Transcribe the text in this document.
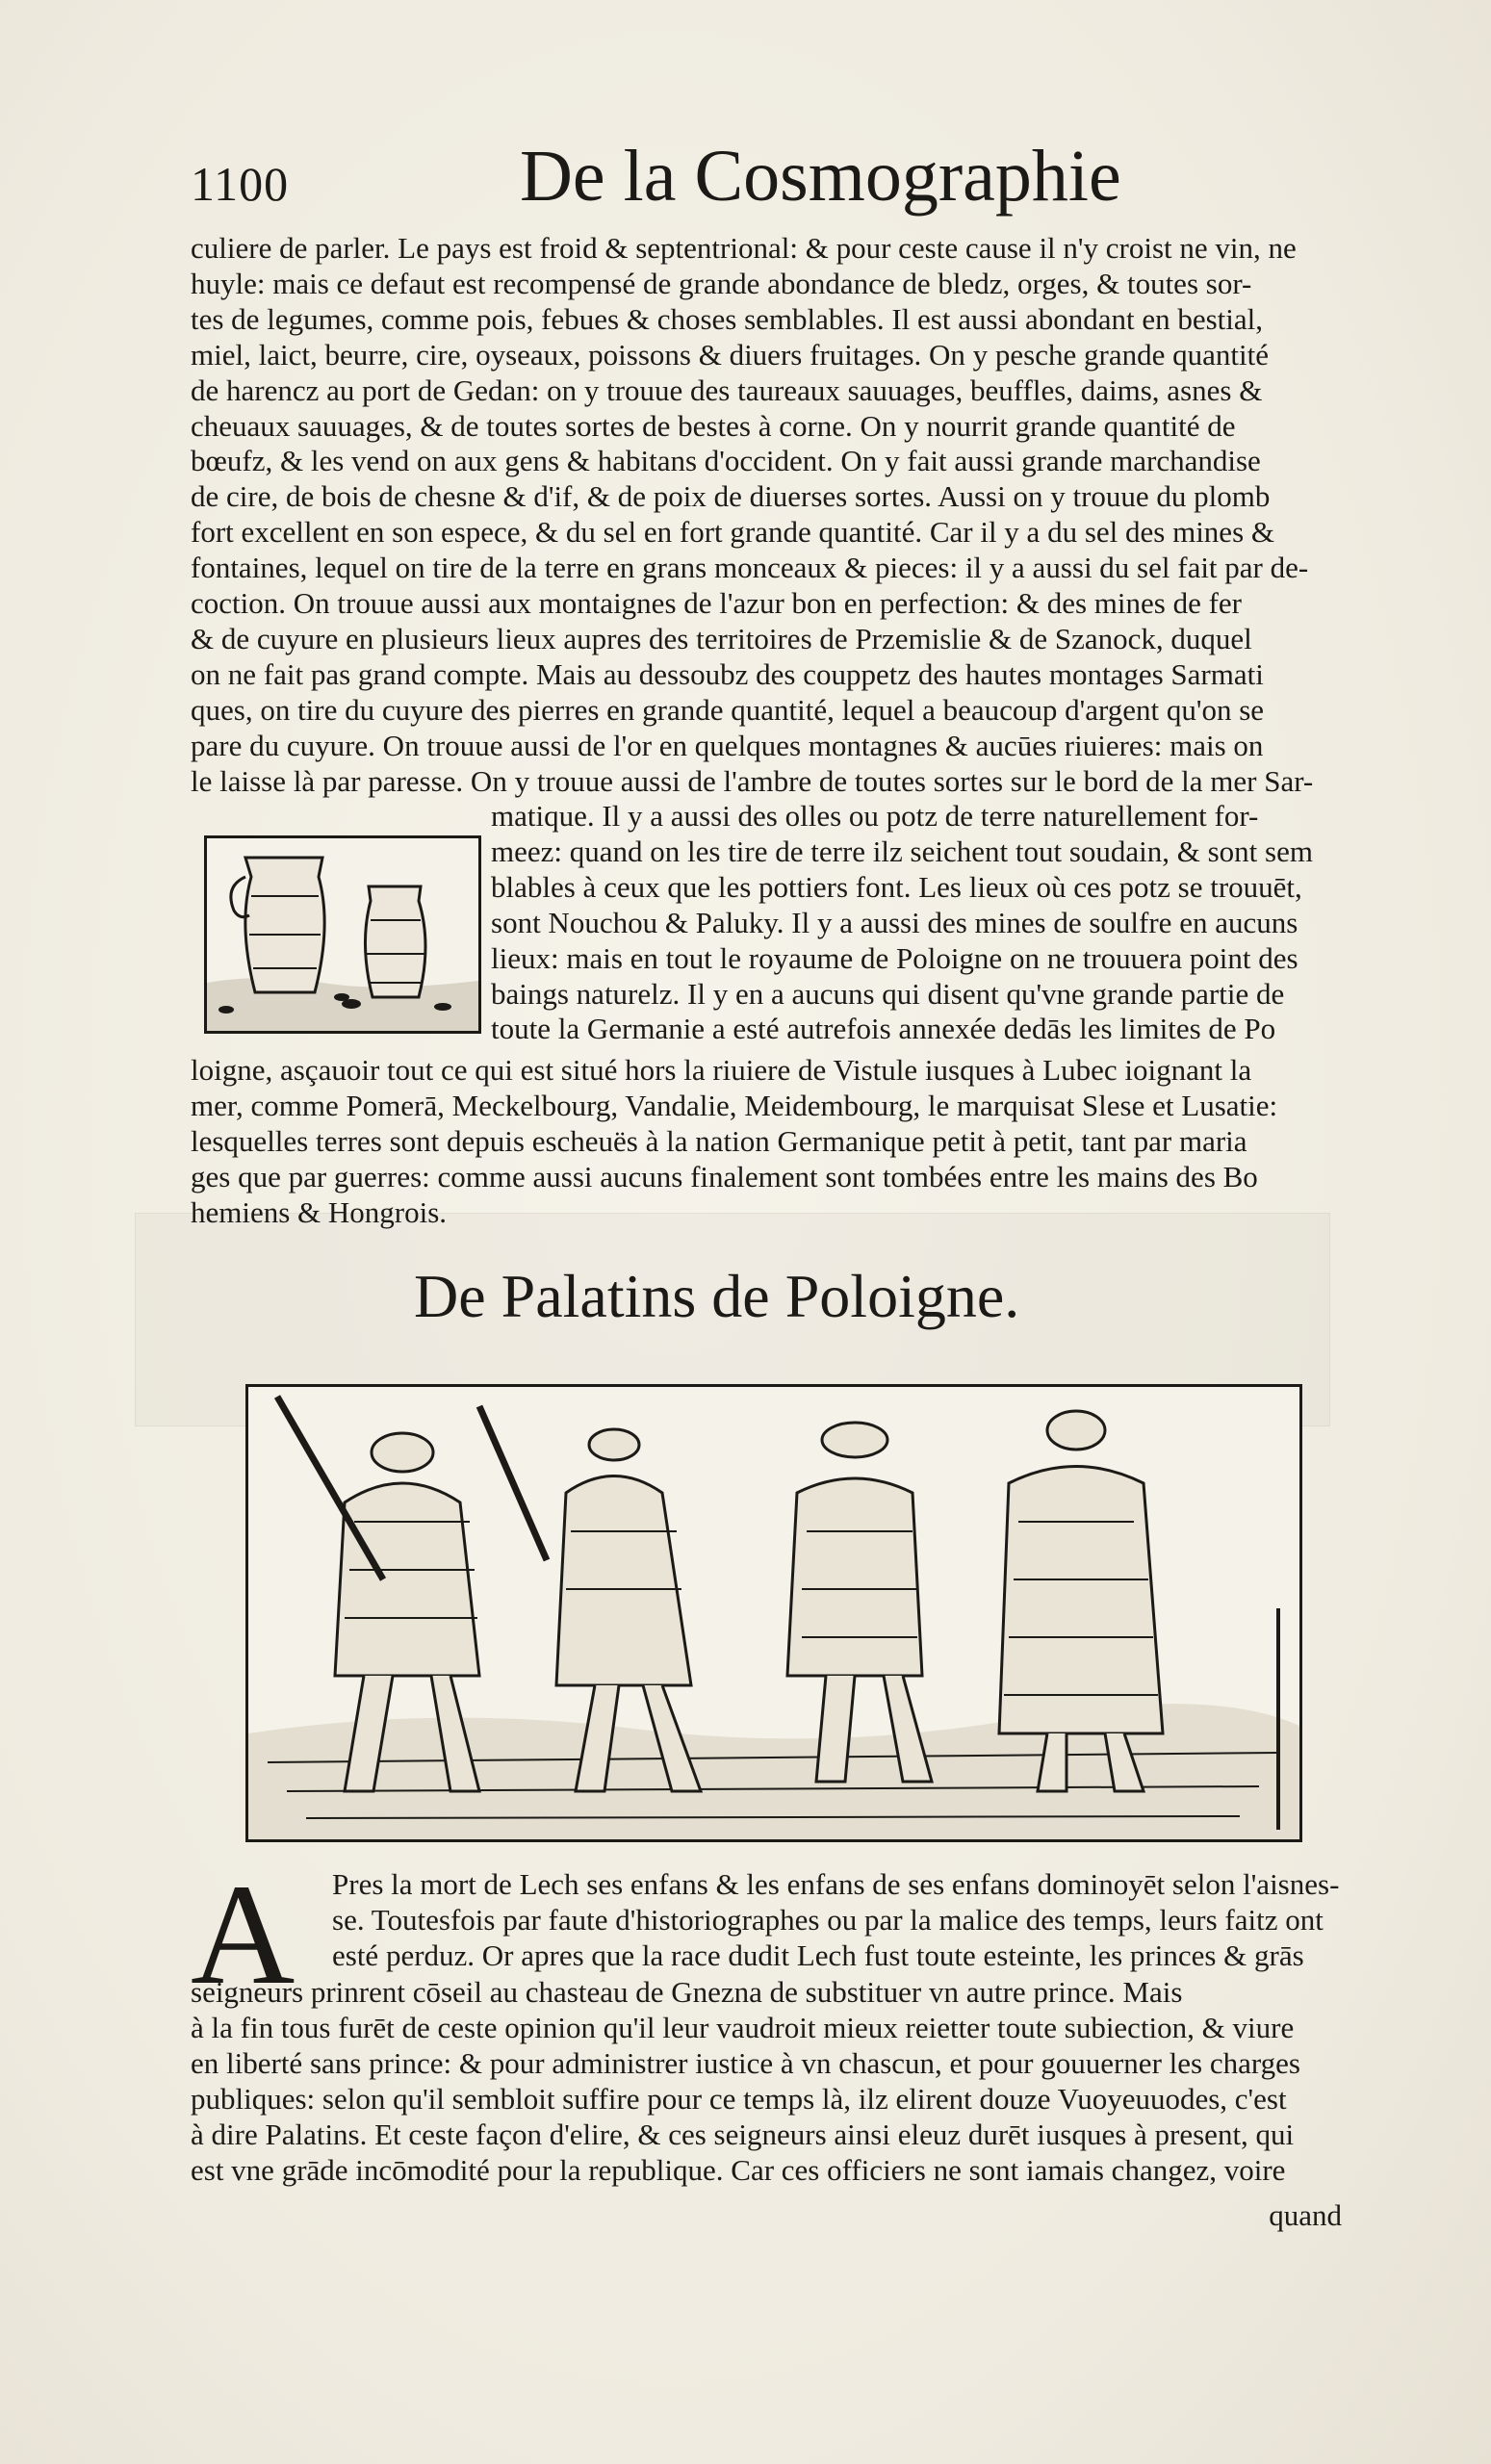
1100	De la Cosmographie
culiere de parler. Le pays est froid & septentrional: & pour ceste cause il n'y croist ne vin, ne
huyle: mais ce defaut est recompensé de grande abondance de bledz, orges, & toutes sor-
tes de legumes, comme pois, febues & choses semblables. Il est aussi abondant en bestial,
miel, laict, beurre, cire, oyseaux, poissons & diuers fruitages. On y pesche grande quantité
de harencz au port de Gedan: on y trouue des taureaux sauuages, beuffles, daims, asnes &
cheuaux sauuages, & de toutes sortes de bestes à corne. On y nourrit grande quantité de
bœufz, & les vend on aux gens & habitans d'occident. On y fait aussi grande marchandise
de cire, de bois de chesne & d'if, & de poix de diuerses sortes. Aussi on y trouue du plomb
fort excellent en son espece, & du sel en fort grande quantité. Car il y a du sel des mines &
fontaines, lequel on tire de la terre en grans monceaux & pieces: il y a aussi du sel fait par de-
coction. On trouue aussi aux montaignes de l'azur bon en perfection: & des mines de fer
& de cuyure en plusieurs lieux aupres des territoires de Przemislie & de Szanock, duquel
on ne fait pas grand compte. Mais au dessoubz des couppetz des hautes montages Sarmati
ques, on tire du cuyure des pierres en grande quantité, lequel a beaucoup d'argent qu'on se
pare du cuyure. On trouue aussi de l'or en quelques montagnes & aucūes riuieres: mais on
le laisse là par paresse. On y trouue aussi de l'ambre de toutes sortes sur le bord de la mer Sar-
matique. Il y a aussi des olles ou potz de terre naturellement for-
meez: quand on les tire de terre ilz seichent tout soudain, & sont sem
blables à ceux que les pottiers font. Les lieux où ces potz se trouuēt,
sont Nouchou & Paluky. Il y a aussi des mines de soulfre en aucuns
lieux: mais en tout le royaume de Poloigne on ne trouuera point des
baings naturelz. Il y en a aucuns qui disent qu'vne grande partie de
toute la Germanie a esté autrefois annexée dedās les limites de Po
loigne, asçauoir tout ce qui est situé hors la riuiere de Vistule iusques à Lubec ioignant la
mer, comme Pomerā, Meckelbourg, Vandalie, Meidembourg, le marquisat Slese et Lusatie:
lesquelles terres sont depuis escheuës à la nation Germanique petit à petit, tant par maria
ges que par guerres: comme aussi aucuns finalement sont tombées entre les mains des Bo
hemiens & Hongrois.
De Palatins de Poloigne.
A Pres la mort de Lech ses enfans & les enfans de ses enfans dominoyēt selon l'aisnes-
se. Toutesfois par faute d'historiographes ou par la malice des temps, leurs faitz ont
esté perduz. Or apres que la race dudit Lech fust toute esteinte, les princes & grās
seigneurs prinrent cōseil au chasteau de Gnezna de substituer vn autre prince. Mais
à la fin tous furēt de ceste opinion qu'il leur vaudroit mieux reietter toute subiection, & viure
en liberté sans prince: & pour administrer iustice à vn chascun, et pour gouuerner les charges
publiques: selon qu'il sembloit suffire pour ce temps là, ilz elirent douze Vuoyeuuodes, c'est
à dire Palatins. Et ceste façon d'elire, & ces seigneurs ainsi eleuz durēt iusques à present, qui
est vne grāde incōmodité pour la republique. Car ces officiers ne sont iamais changez, voire
quand
